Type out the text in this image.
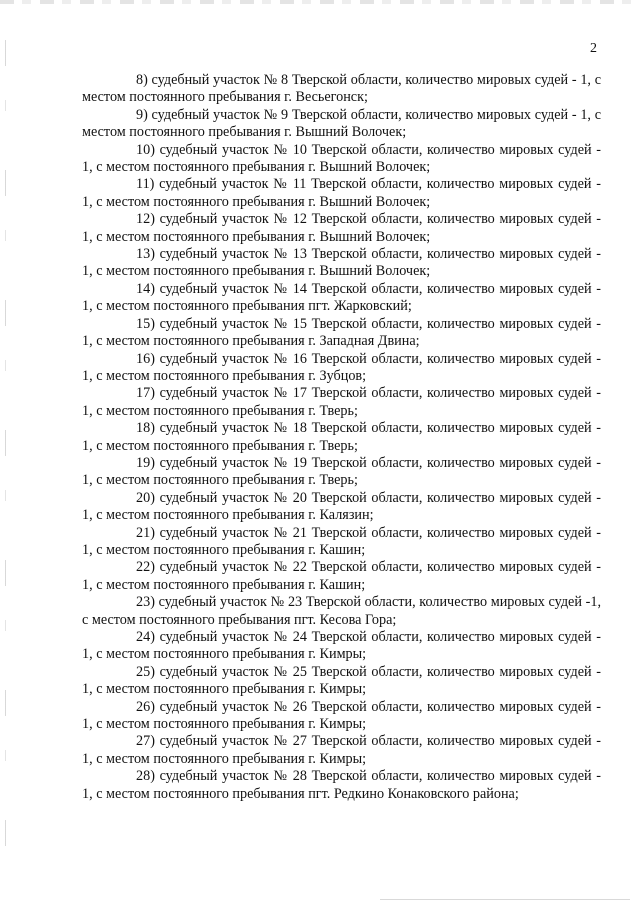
2

8) судебный участок № 8 Тверской области, количество мировых судей - 1, с местом постоянного пребывания г. Весьегонск;

9) судебный участок № 9 Тверской области, количество мировых судей - 1, с местом постоянного пребывания г. Вышний Волочек;

10) судебный участок № 10 Тверской области, количество мировых судей - 1, с местом постоянного пребывания г. Вышний Волочек;

11) судебный участок № 11 Тверской области, количество мировых судей - 1, с местом постоянного пребывания г. Вышний Волочек;

12) судебный участок № 12 Тверской области, количество мировых судей - 1, с местом постоянного пребывания г. Вышний Волочек;

13) судебный участок № 13 Тверской области, количество мировых судей - 1, с местом постоянного пребывания г. Вышний Волочек;

14) судебный участок № 14 Тверской области, количество мировых судей - 1, с местом постоянного пребывания пгт. Жарковский;

15) судебный участок № 15 Тверской области, количество мировых судей - 1, с местом постоянного пребывания г. Западная Двина;

16) судебный участок № 16 Тверской области, количество мировых судей - 1, с местом постоянного пребывания г. Зубцов;

17) судебный участок № 17 Тверской области, количество мировых судей - 1, с местом постоянного пребывания г. Тверь;

18) судебный участок № 18 Тверской области, количество мировых судей - 1, с местом постоянного пребывания г. Тверь;

19) судебный участок № 19 Тверской области, количество мировых судей - 1, с местом постоянного пребывания г. Тверь;

20) судебный участок № 20 Тверской области, количество мировых судей - 1, с местом постоянного пребывания г. Калязин;

21) судебный участок № 21 Тверской области, количество мировых судей - 1, с местом постоянного пребывания г. Кашин;

22) судебный участок № 22 Тверской области, количество мировых судей - 1, с местом постоянного пребывания г. Кашин;

23) судебный участок № 23 Тверской области, количество мировых судей -1, с местом постоянного пребывания пгт. Кесова Гора;

24) судебный участок № 24 Тверской области, количество мировых судей - 1, с местом постоянного пребывания г. Кимры;

25) судебный участок № 25 Тверской области, количество мировых судей - 1, с местом постоянного пребывания г. Кимры;

26) судебный участок № 26 Тверской области, количество мировых судей - 1, с местом постоянного пребывания г. Кимры;

27) судебный участок № 27 Тверской области, количество мировых судей - 1, с местом постоянного пребывания г. Кимры;

28) судебный участок № 28 Тверской области, количество мировых судей - 1, с местом постоянного пребывания пгт. Редкино Конаковского района;
